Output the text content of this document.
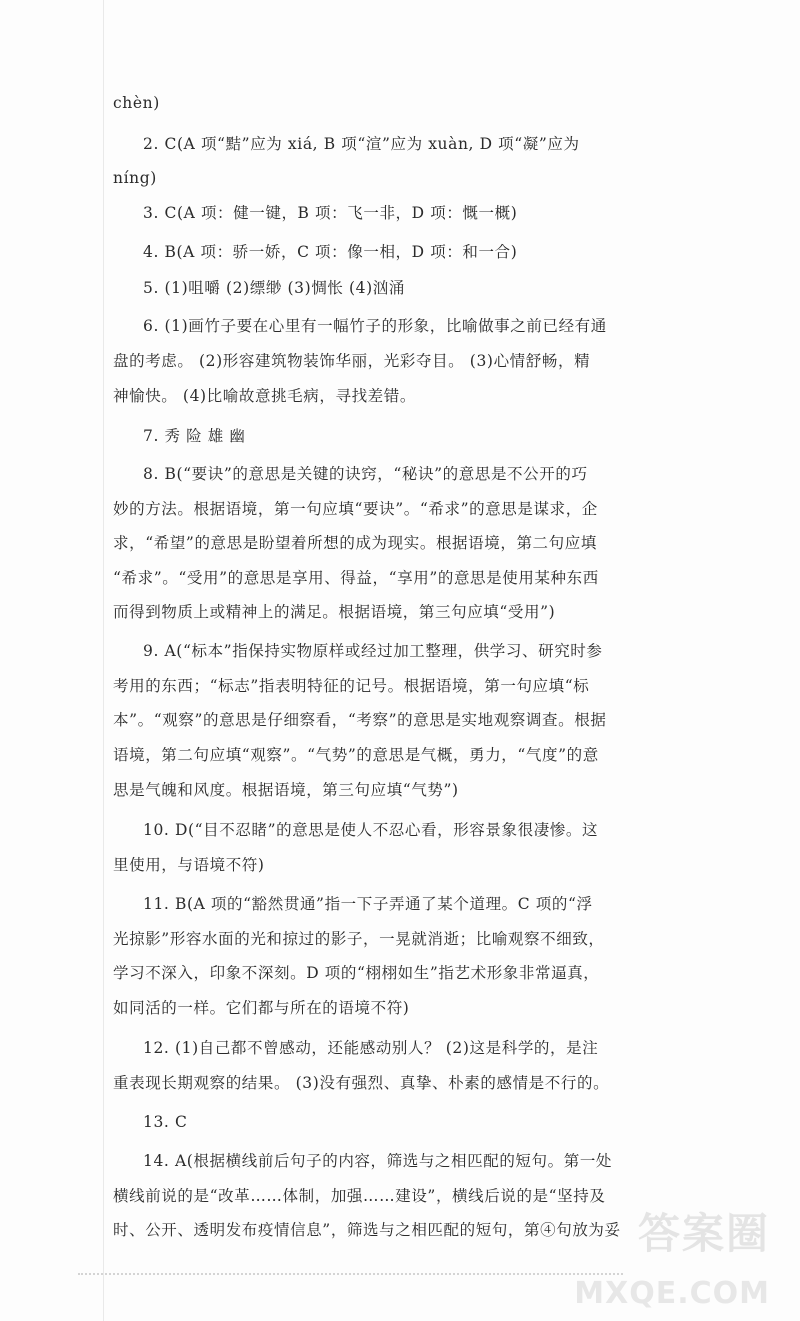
chèn)
2. C(A 项“黠”应为 xiá, B 项“渲”应为 xuàn, D 项“凝”应为
níng)
3. C(A 项：健一键，B 项：飞一非，D 项：慨一概)
4. B(A 项：骄一娇，C 项：像一相，D 项：和一合)
5. (1)咀嚼 (2)缥缈 (3)惆怅 (4)汹涌
6. (1)画竹子要在心里有一幅竹子的形象，比喻做事之前已经有通
盘的考虑。 (2)形容建筑物装饰华丽，光彩夺目。 (3)心情舒畅，精
神愉快。 (4)比喻故意挑毛病，寻找差错。
7. 秀 险 雄 幽
8. B(“要诀”的意思是关键的诀窍，“秘诀”的意思是不公开的巧
妙的方法。根据语境，第一句应填“要诀”。“希求”的意思是谋求，企
求，“希望”的意思是盼望着所想的成为现实。根据语境，第二句应填
“希求”。“受用”的意思是享用、得益，“享用”的意思是使用某种东西
而得到物质上或精神上的满足。根据语境，第三句应填“受用”)
9. A(“标本”指保持实物原样或经过加工整理，供学习、研究时参
考用的东西；“标志”指表明特征的记号。根据语境，第一句应填“标
本”。“观察”的意思是仔细察看，“考察”的意思是实地观察调查。根据
语境，第二句应填“观察”。“气势”的意思是气概，勇力，“气度”的意
思是气魄和风度。根据语境，第三句应填“气势”)
10. D(“目不忍睹”的意思是使人不忍心看，形容景象很凄惨。这
里使用，与语境不符)
11. B(A 项的“豁然贯通”指一下子弄通了某个道理。C 项的“浮
光掠影”形容水面的光和掠过的影子，一晃就消逝；比喻观察不细致，
学习不深入，印象不深刻。D 项的“栩栩如生”指艺术形象非常逼真，
如同活的一样。它们都与所在的语境不符)
12. (1)自己都不曾感动，还能感动别人？ (2)这是科学的，是注
重表现长期观察的结果。 (3)没有强烈、真挚、朴素的感情是不行的。
13. C
14. A(根据横线前后句子的内容，筛选与之相匹配的短句。第一处
横线前说的是“改革……体制，加强……建设”，横线后说的是“坚持及
时、公开、透明发布疫情信息”，筛选与之相匹配的短句，第④句放为妥 答案圈
MXQE.COM
